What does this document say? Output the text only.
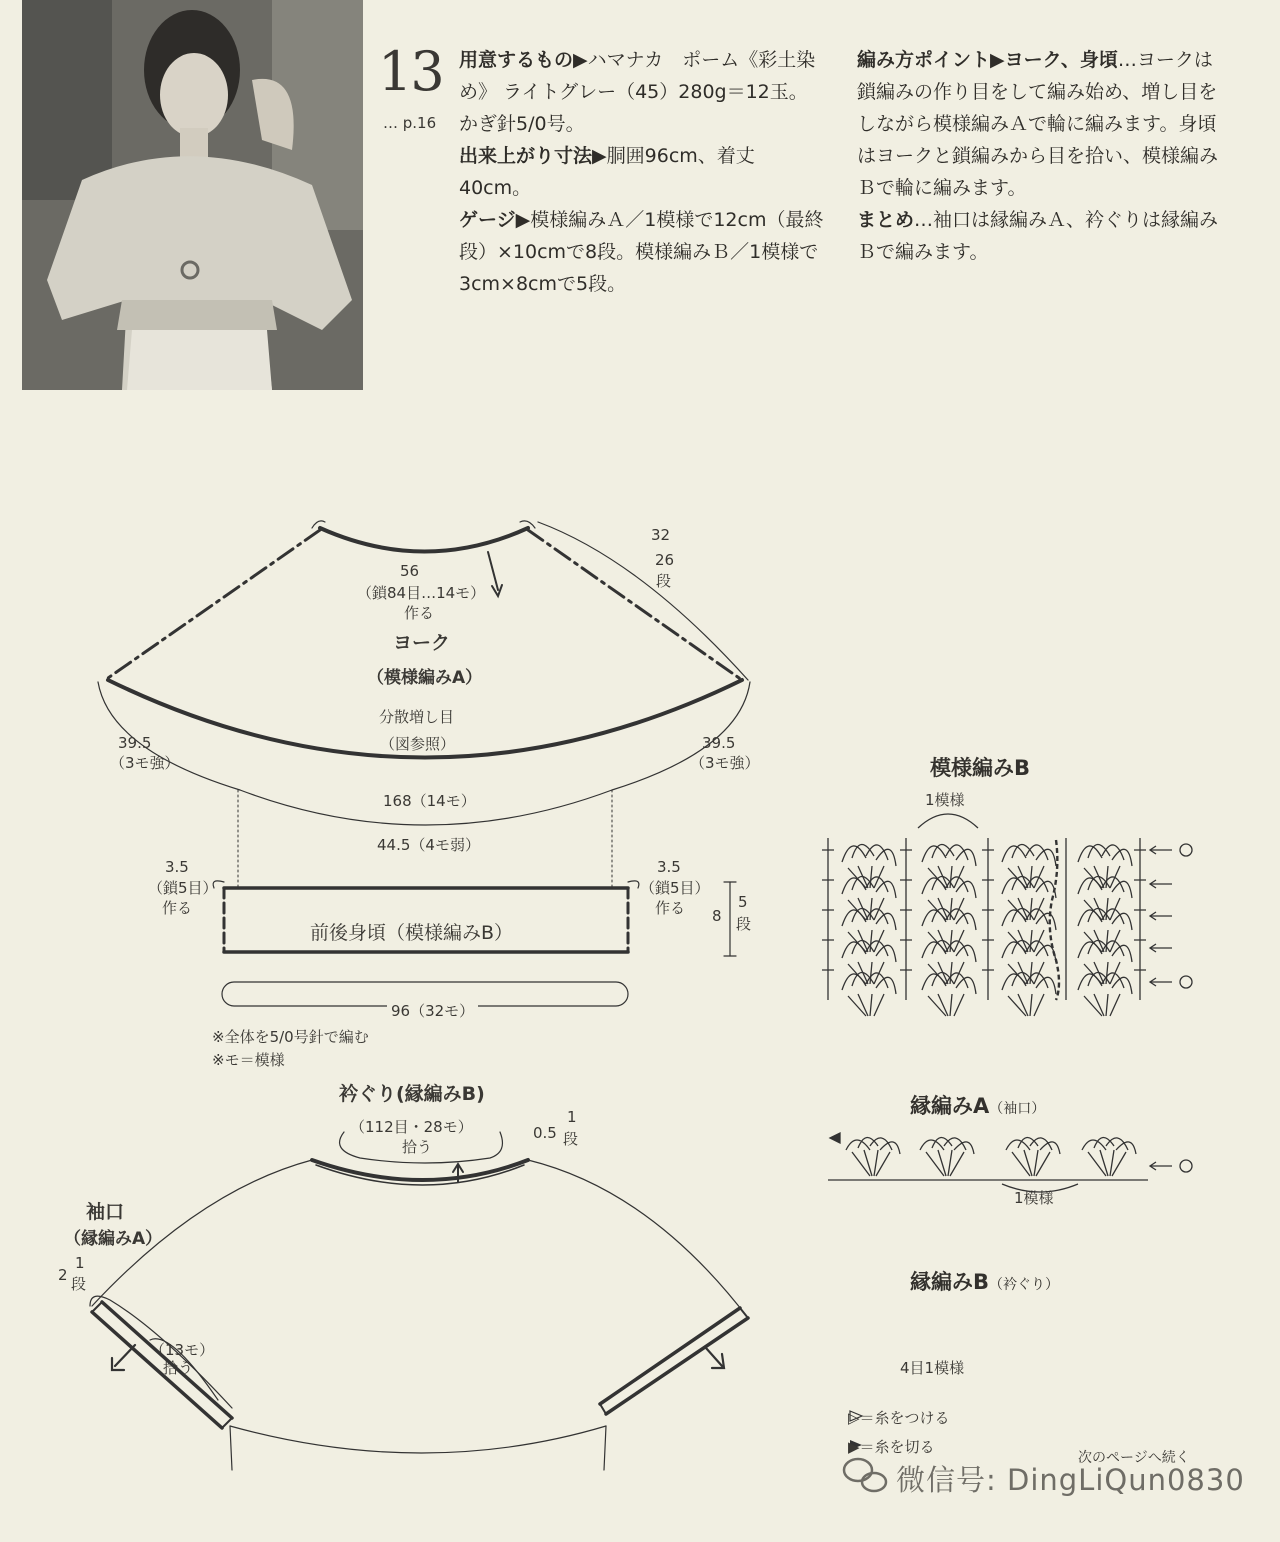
13
… p.16
用意するもの▶ハマナカ　ポーム《彩土染め》 ライトグレー（45）280g＝12玉。かぎ針5/0号。
出来上がり寸法▶胴囲96cm、着丈40cm。
ゲージ▶模様編みＡ／1模様で12cm（最終段）×10cmで8段。模様編みＢ／1模様で3cm×8cmで5段。
編み方ポイント▶ヨーク、身頃…ヨークは鎖編みの作り目をして編み始め、増し目をしながら模様編みＡで輪に編みます。身頃はヨークと鎖編みから目を拾い、模様編みＢで輪に編みます。
まとめ…袖口は縁編みＡ、衿ぐりは縁編みＢで編みます。
56
（鎖84目…14モ）
作る
32
26
段
ヨーク
（模様編みA）
分散増し目
（図参照）
39.5
（3モ強）
39.5
（3モ強）
168（14モ）
44.5（4モ弱）
3.5
（鎖5目）
作る
3.5
（鎖5目）
作る
前後身頃（模様編みB）
8
5
段
96（32モ）
※全体を5/0号針で編む
※モ＝模様
衿ぐり(縁編みB)
（112目・28モ）
拾う
0.5
1
段
袖口
（縁編みA）
2
1
段
（13モ）
拾う
模様編みB
1模様
縁編みA（袖口）
1模様
縁編みB（衿ぐり）
4目1模様
▷＝糸をつける
▶＝糸を切る
次のページへ続く
微信号: DingLiQun0830
